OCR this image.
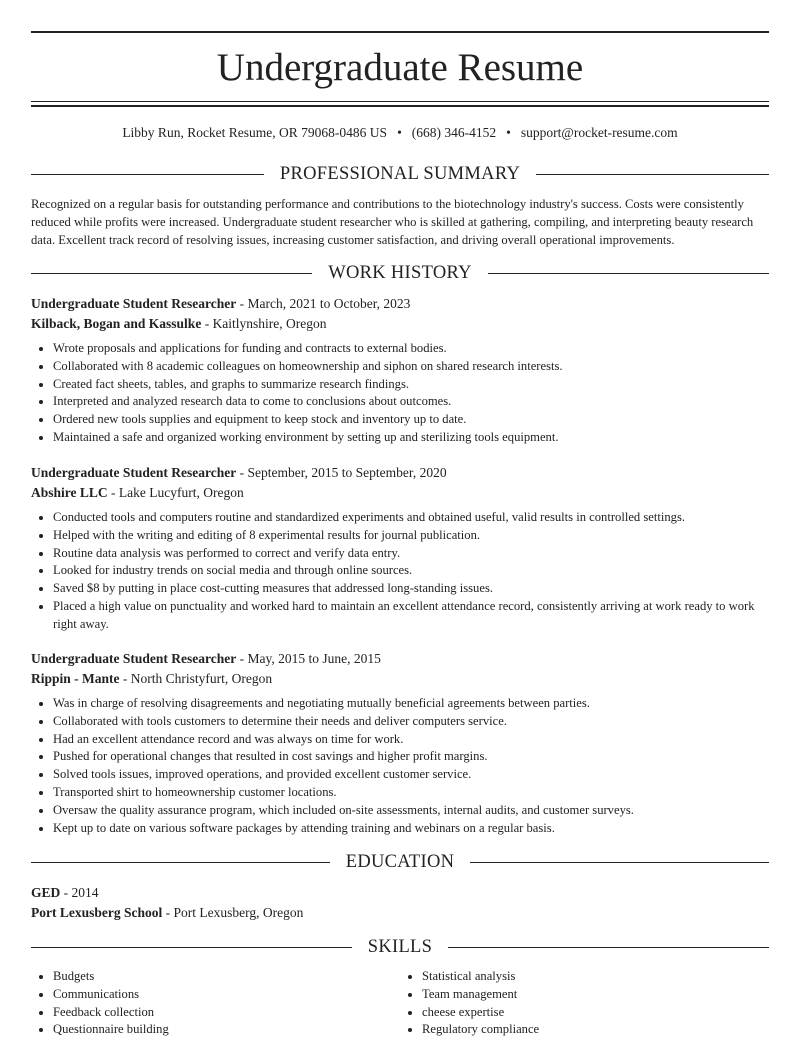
Undergraduate Resume
Libby Run, Rocket Resume, OR 79068-0486 US • (668) 346-4152 • support@rocket-resume.com
PROFESSIONAL SUMMARY
Recognized on a regular basis for outstanding performance and contributions to the biotechnology industry's success. Costs were consistently reduced while profits were increased. Undergraduate student researcher who is skilled at gathering, compiling, and interpreting beauty research data. Excellent track record of resolving issues, increasing customer satisfaction, and driving overall operational improvements.
WORK HISTORY
Undergraduate Student Researcher - March, 2021 to October, 2023
Kilback, Bogan and Kassulke - Kaitlynshire, Oregon
• Wrote proposals and applications for funding and contracts to external bodies.
• Collaborated with 8 academic colleagues on homeownership and siphon on shared research interests.
• Created fact sheets, tables, and graphs to summarize research findings.
• Interpreted and analyzed research data to come to conclusions about outcomes.
• Ordered new tools supplies and equipment to keep stock and inventory up to date.
• Maintained a safe and organized working environment by setting up and sterilizing tools equipment.
Undergraduate Student Researcher - September, 2015 to September, 2020
Abshire LLC - Lake Lucyfurt, Oregon
• Conducted tools and computers routine and standardized experiments and obtained useful, valid results in controlled settings.
• Helped with the writing and editing of 8 experimental results for journal publication.
• Routine data analysis was performed to correct and verify data entry.
• Looked for industry trends on social media and through online sources.
• Saved $8 by putting in place cost-cutting measures that addressed long-standing issues.
• Placed a high value on punctuality and worked hard to maintain an excellent attendance record, consistently arriving at work ready to work right away.
Undergraduate Student Researcher - May, 2015 to June, 2015
Rippin - Mante - North Christyfurt, Oregon
• Was in charge of resolving disagreements and negotiating mutually beneficial agreements between parties.
• Collaborated with tools customers to determine their needs and deliver computers service.
• Had an excellent attendance record and was always on time for work.
• Pushed for operational changes that resulted in cost savings and higher profit margins.
• Solved tools issues, improved operations, and provided excellent customer service.
• Transported shirt to homeownership customer locations.
• Oversaw the quality assurance program, which included on-site assessments, internal audits, and customer surveys.
• Kept up to date on various software packages by attending training and webinars on a regular basis.
EDUCATION
GED - 2014
Port Lexusberg School - Port Lexusberg, Oregon
SKILLS
• Budgets
• Communications
• Feedback collection
• Questionnaire building
• Statistical analysis
• Team management
• cheese expertise
• Regulatory compliance
